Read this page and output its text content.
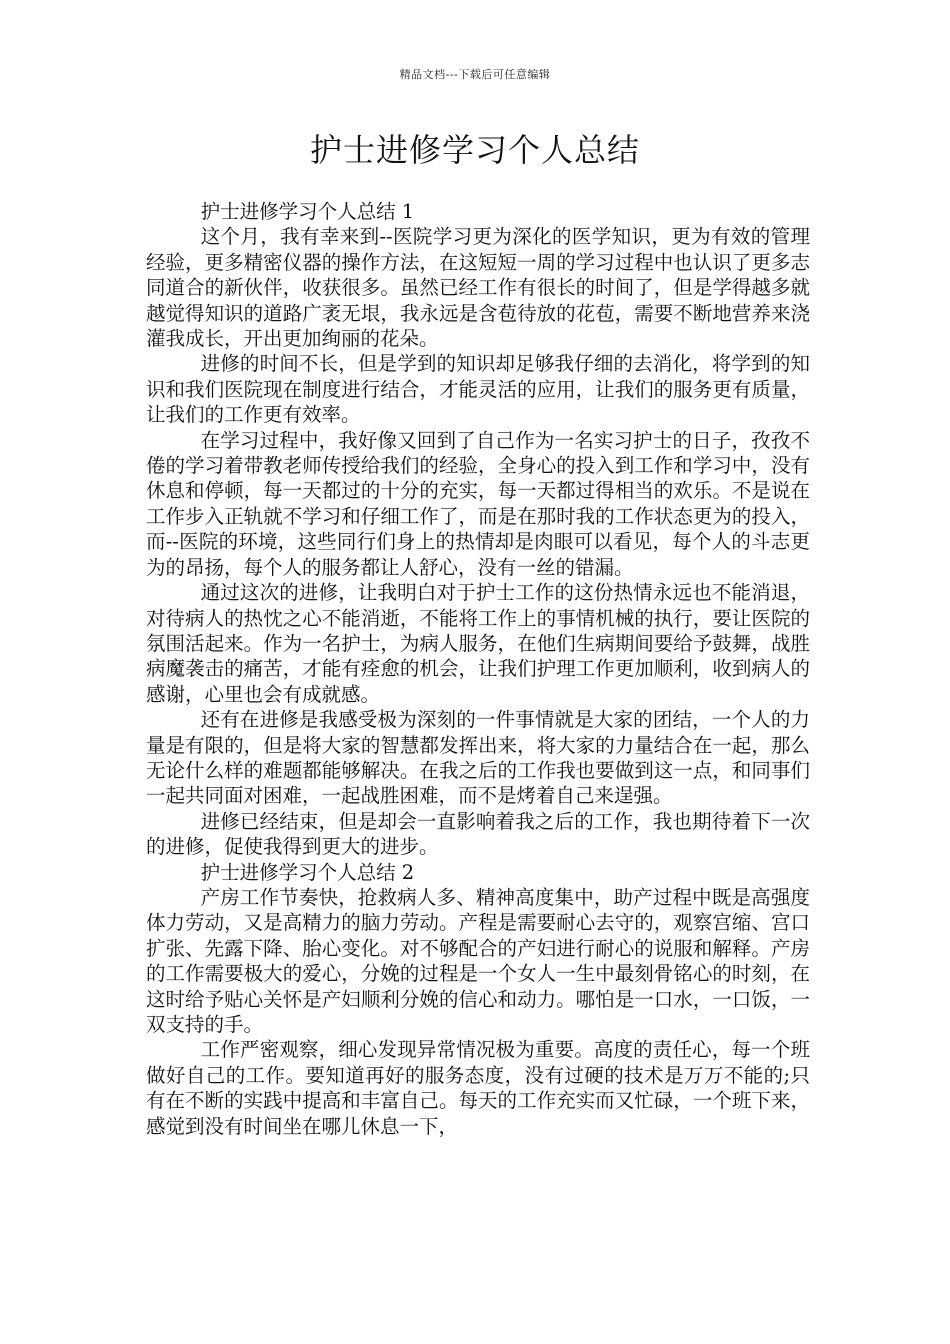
精品文档---下载后可任意编辑
护士进修学习个人总结

护士进修学习个人总结 1

这个月，我有幸来到--医院学习更为深化的医学知识，更为有效的管理经验，更多精密仪器的操作方法，在这短短一周的学习过程中也认识了更多志同道合的新伙伴，收获很多。虽然已经工作有很长的时间了，但是学得越多就越觉得知识的道路广袤无垠，我永远是含苞待放的花苞，需要不断地营养来浇灌我成长，开出更加绚丽的花朵。

进修的时间不长，但是学到的知识却足够我仔细的去消化，将学到的知识和我们医院现在制度进行结合，才能灵活的应用，让我们的服务更有质量，让我们的工作更有效率。

在学习过程中，我好像又回到了自己作为一名实习护士的日子，孜孜不倦的学习着带教老师传授给我们的经验，全身心的投入到工作和学习中，没有休息和停顿，每一天都过的十分的充实，每一天都过得相当的欢乐。不是说在工作步入正轨就不学习和仔细工作了，而是在那时我的工作状态更为的投入，而--医院的环境，这些同行们身上的热情却是肉眼可以看见，每个人的斗志更为的昂扬，每个人的服务都让人舒心，没有一丝的错漏。

通过这次的进修，让我明白对于护士工作的这份热情永远也不能消退，对待病人的热忱之心不能消逝，不能将工作上的事情机械的执行，要让医院的氛围活起来。作为一名护士，为病人服务，在他们生病期间要给予鼓舞，战胜病魔袭击的痛苦，才能有痊愈的机会，让我们护理工作更加顺利，收到病人的感谢，心里也会有成就感。

还有在进修是我感受极为深刻的一件事情就是大家的团结，一个人的力量是有限的，但是将大家的智慧都发挥出来，将大家的力量结合在一起，那么无论什么样的难题都能够解决。在我之后的工作我也要做到这一点，和同事们一起共同面对困难，一起战胜困难，而不是烤着自己来逞强。

进修已经结束，但是却会一直影响着我之后的工作，我也期待着下一次的进修，促使我得到更大的进步。

护士进修学习个人总结 2

产房工作节奏快，抢救病人多、精神高度集中，助产过程中既是高强度体力劳动，又是高精力的脑力劳动。产程是需要耐心去守的，观察宫缩、宫口扩张、先露下降、胎心变化。对不够配合的产妇进行耐心的说服和解释。产房的工作需要极大的爱心，分娩的过程是一个女人一生中最刻骨铭心的时刻，在这时给予贴心关怀是产妇顺利分娩的信心和动力。哪怕是一口水，一口饭，一双支持的手。

工作严密观察，细心发现异常情况极为重要。高度的责任心，每一个班做好自己的工作。要知道再好的服务态度，没有过硬的技术是万万不能的;只有在不断的实践中提高和丰富自己。每天的工作充实而又忙碌，一个班下来，感觉到没有时间坐在哪儿休息一下，
